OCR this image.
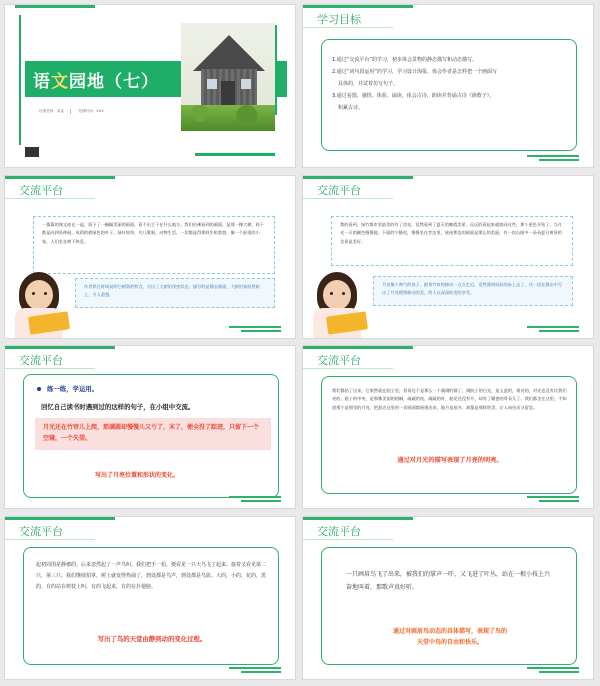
语文园地（七）
授课老师：某某	授课时间：XXX
学习目标
1.通过“交流平台”的学习，初步体会景物的静态描写和动态描写。
2.通过“词句段运用”的学习，学习设计海报，体会作者是怎样把一个画面写
具体的，并试着仿写句子。
3.通过看图、感悟、体验、诵读，体会古诗，朗读并背诵古诗《渔歌子》，
积累古诗。
交流平台
一篇篇的课文连在一起，留下了一幅幅美丽的画面，看不出主干在什么地方。我们仿佛看到的画面，是那一棵大树，枝干都是向四处伸展，成荫的碧绿色的叶子。绿叶如翠，鸟儿歌唱，动物生活，一切都显得那样生机勃勃，像一个舒适的小家，人们坐在树下休息。
作者抓住时间说明它树荫的特点，写出了大树的茂密状态，描写的是静态画面，大树形象跃然纸上，引人遐想。
交流平台
我的看到，绿竹都市里最美的有了房亮，竟然看到了夏天的晚霞美景，远远的看起来就如同这些，那个景色开始了，当月光一天的颜色慢慢地，下面的宁静里，慢慢坐在旁边里，迷迷那边的画面是那么的美丽，有一次山间中一朵朵夏日黄昏的美景是美好。
月亮像个淘气的孩子，跟着竹帘的移动一点点走近，竟然爬到妈妈的床上去了。这一段在静态中写出了月亮缓慢移动的美，给人以深深的美的享受。
交流平台
练一练，学运用。
回忆自己读书时遇到过的这样的句子，在小组中交流。
月光还在竹帘儿上爬，那满圆却慢慢儿又亏了，末了，便全没了踪迹，只留下一个空镜，一个失望。
写出了月亮位置和形状的变化。
交流平台
我们都抬了出来，它果然就在院子里，但再也不是那么一个满满的圆了，满院子的白光，是玉盆的，银亮的，对光也没有比我们亮的。院子的中央，是那株美丽的梧桐，疏疏的枝，疏疏的叶，桂花还没有开，却有了繁密的骨朵儿了。我们都坐在这里，不知道那个是那里的月亮，把最近这里的一切画面都展现出来，地方虽很多，却都是那样的美，让人向往而又留恋。
通过对月光的描写表现了月亮的明亮。
交流平台
起初周围是静谧的。后来忽然起了一声鸟叫。我们把手一拍，便看见一只大鸟飞了起来。接着又看见第二只，第三只。我们继续拍掌，树上就变得热闹了，到处都是鸟声，到处都是鸟影。大的，小的，花的，黑的，有的站在树枝上叫，有的飞起来，有的在扑翅膀。
写出了鸟的天堂由静到动的变化过程。
交流平台
一只画眉鸟飞了出来，被我们的掌声一吓，又飞进了叶丛，站在一根小枝上兴奋地叫着，那歌声真好听。
通过对画眉鸟动态的具体描写，表现了鸟的
天堂中鸟的自由和快乐。
